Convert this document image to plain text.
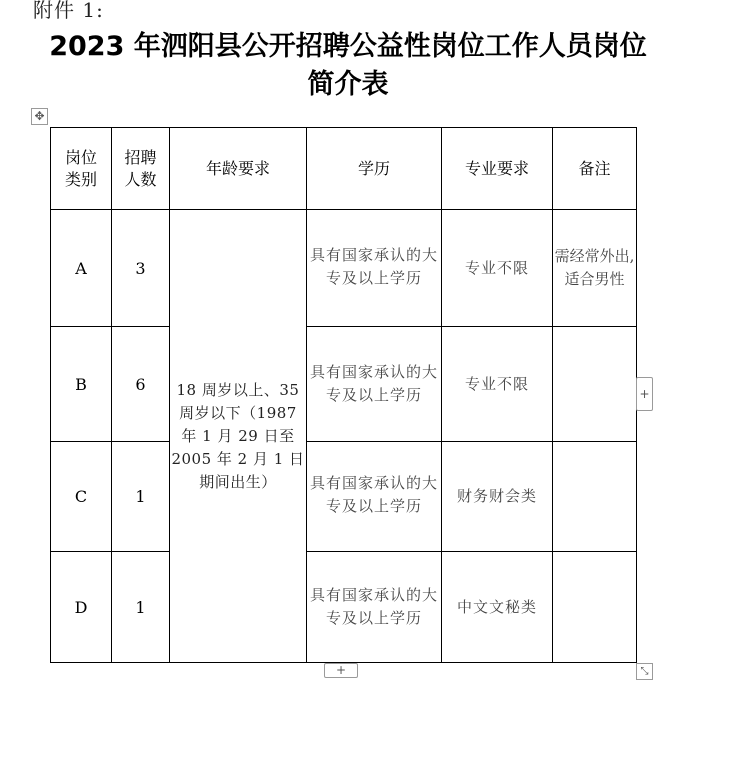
附件 1:
2023 年泗阳县公开招聘公益性岗位工作人员岗位
简介表
✥
岗位类别	招聘人数	年龄要求	学历	专业要求	备注
A	3	18 周岁以上、35 周岁以下（1987 年 1 月 29 日至 2005 年 2 月 1 日期间出生）	具有国家承认的大专及以上学历	专业不限	需经常外出,适合男性
B	6		具有国家承认的大专及以上学历	专业不限	
C	1		具有国家承认的大专及以上学历	财务财会类	
D	1		具有国家承认的大专及以上学历	中文文秘类	
+
+	⤡
